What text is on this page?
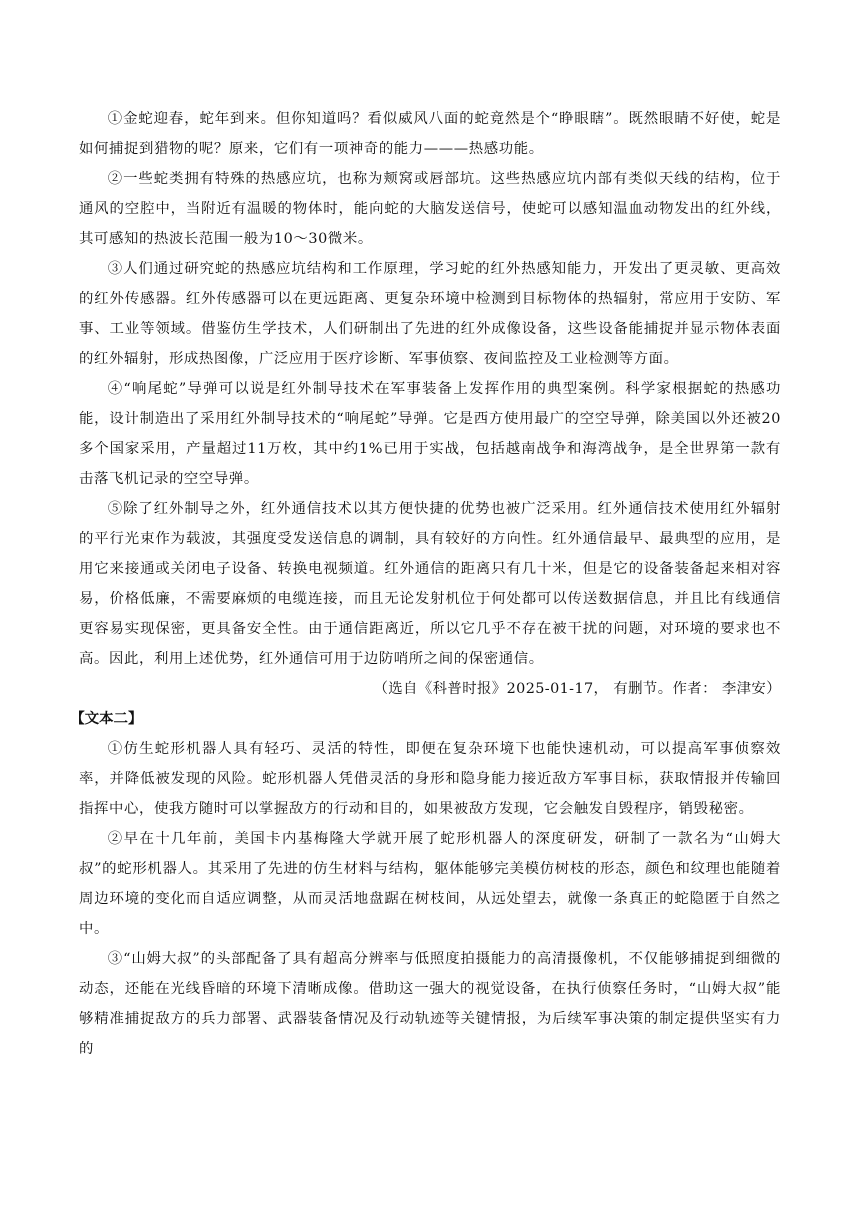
①金蛇迎春，蛇年到来。但你知道吗？看似威风八面的蛇竟然是个“睁眼瞎”。既然眼睛不好使，蛇是如何捕捉到猎物的呢？原来，它们有一项神奇的能力———热感功能。

②一些蛇类拥有特殊的热感应坑，也称为颊窝或唇部坑。这些热感应坑内部有类似天线的结构，位于通风的空腔中，当附近有温暖的物体时，能向蛇的大脑发送信号，使蛇可以感知温血动物发出的红外线，其可感知的热波长范围一般为10～30微米。

③人们通过研究蛇的热感应坑结构和工作原理，学习蛇的红外热感知能力，开发出了更灵敏、更高效的红外传感器。红外传感器可以在更远距离、更复杂环境中检测到目标物体的热辐射，常应用于安防、军事、工业等领域。借鉴仿生学技术，人们研制出了先进的红外成像设备，这些设备能捕捉并显示物体表面的红外辐射，形成热图像，广泛应用于医疗诊断、军事侦察、夜间监控及工业检测等方面。

④“响尾蛇”导弹可以说是红外制导技术在军事装备上发挥作用的典型案例。科学家根据蛇的热感功能，设计制造出了采用红外制导技术的“响尾蛇”导弹。它是西方使用最广的空空导弹，除美国以外还被20多个国家采用，产量超过11万枚，其中约1%已用于实战，包括越南战争和海湾战争，是全世界第一款有击落飞机记录的空空导弹。

⑤除了红外制导之外，红外通信技术以其方便快捷的优势也被广泛采用。红外通信技术使用红外辐射的平行光束作为载波，其强度受发送信息的调制，具有较好的方向性。红外通信最早、最典型的应用，是用它来接通或关闭电子设备、转换电视频道。红外通信的距离只有几十米，但是它的设备装备起来相对容易，价格低廉，不需要麻烦的电缆连接，而且无论发射机位于何处都可以传送数据信息，并且比有线通信更容易实现保密，更具备安全性。由于通信距离近，所以它几乎不存在被干扰的问题，对环境的要求也不高。因此，利用上述优势，红外通信可用于边防哨所之间的保密通信。

（选自《科普时报》2025-01-17， 有删节。作者： 李津安）

【文本二】

①仿生蛇形机器人具有轻巧、灵活的特性，即便在复杂环境下也能快速机动，可以提高军事侦察效率，并降低被发现的风险。蛇形机器人凭借灵活的身形和隐身能力接近敌方军事目标，获取情报并传输回指挥中心，使我方随时可以掌握敌方的行动和目的，如果被敌方发现，它会触发自毁程序，销毁秘密。

②早在十几年前，美国卡内基梅隆大学就开展了蛇形机器人的深度研发，研制了一款名为“山姆大叔”的蛇形机器人。其采用了先进的仿生材料与结构，躯体能够完美模仿树枝的形态，颜色和纹理也能随着周边环境的变化而自适应调整，从而灵活地盘踞在树枝间，从远处望去，就像一条真正的蛇隐匿于自然之中。

③“山姆大叔”的头部配备了具有超高分辨率与低照度拍摄能力的高清摄像机，不仅能够捕捉到细微的动态，还能在光线昏暗的环境下清晰成像。借助这一强大的视觉设备，在执行侦察任务时，“山姆大叔”能够精准捕捉敌方的兵力部署、武器装备情况及行动轨迹等关键情报，为后续军事决策的制定提供坚实有力的
